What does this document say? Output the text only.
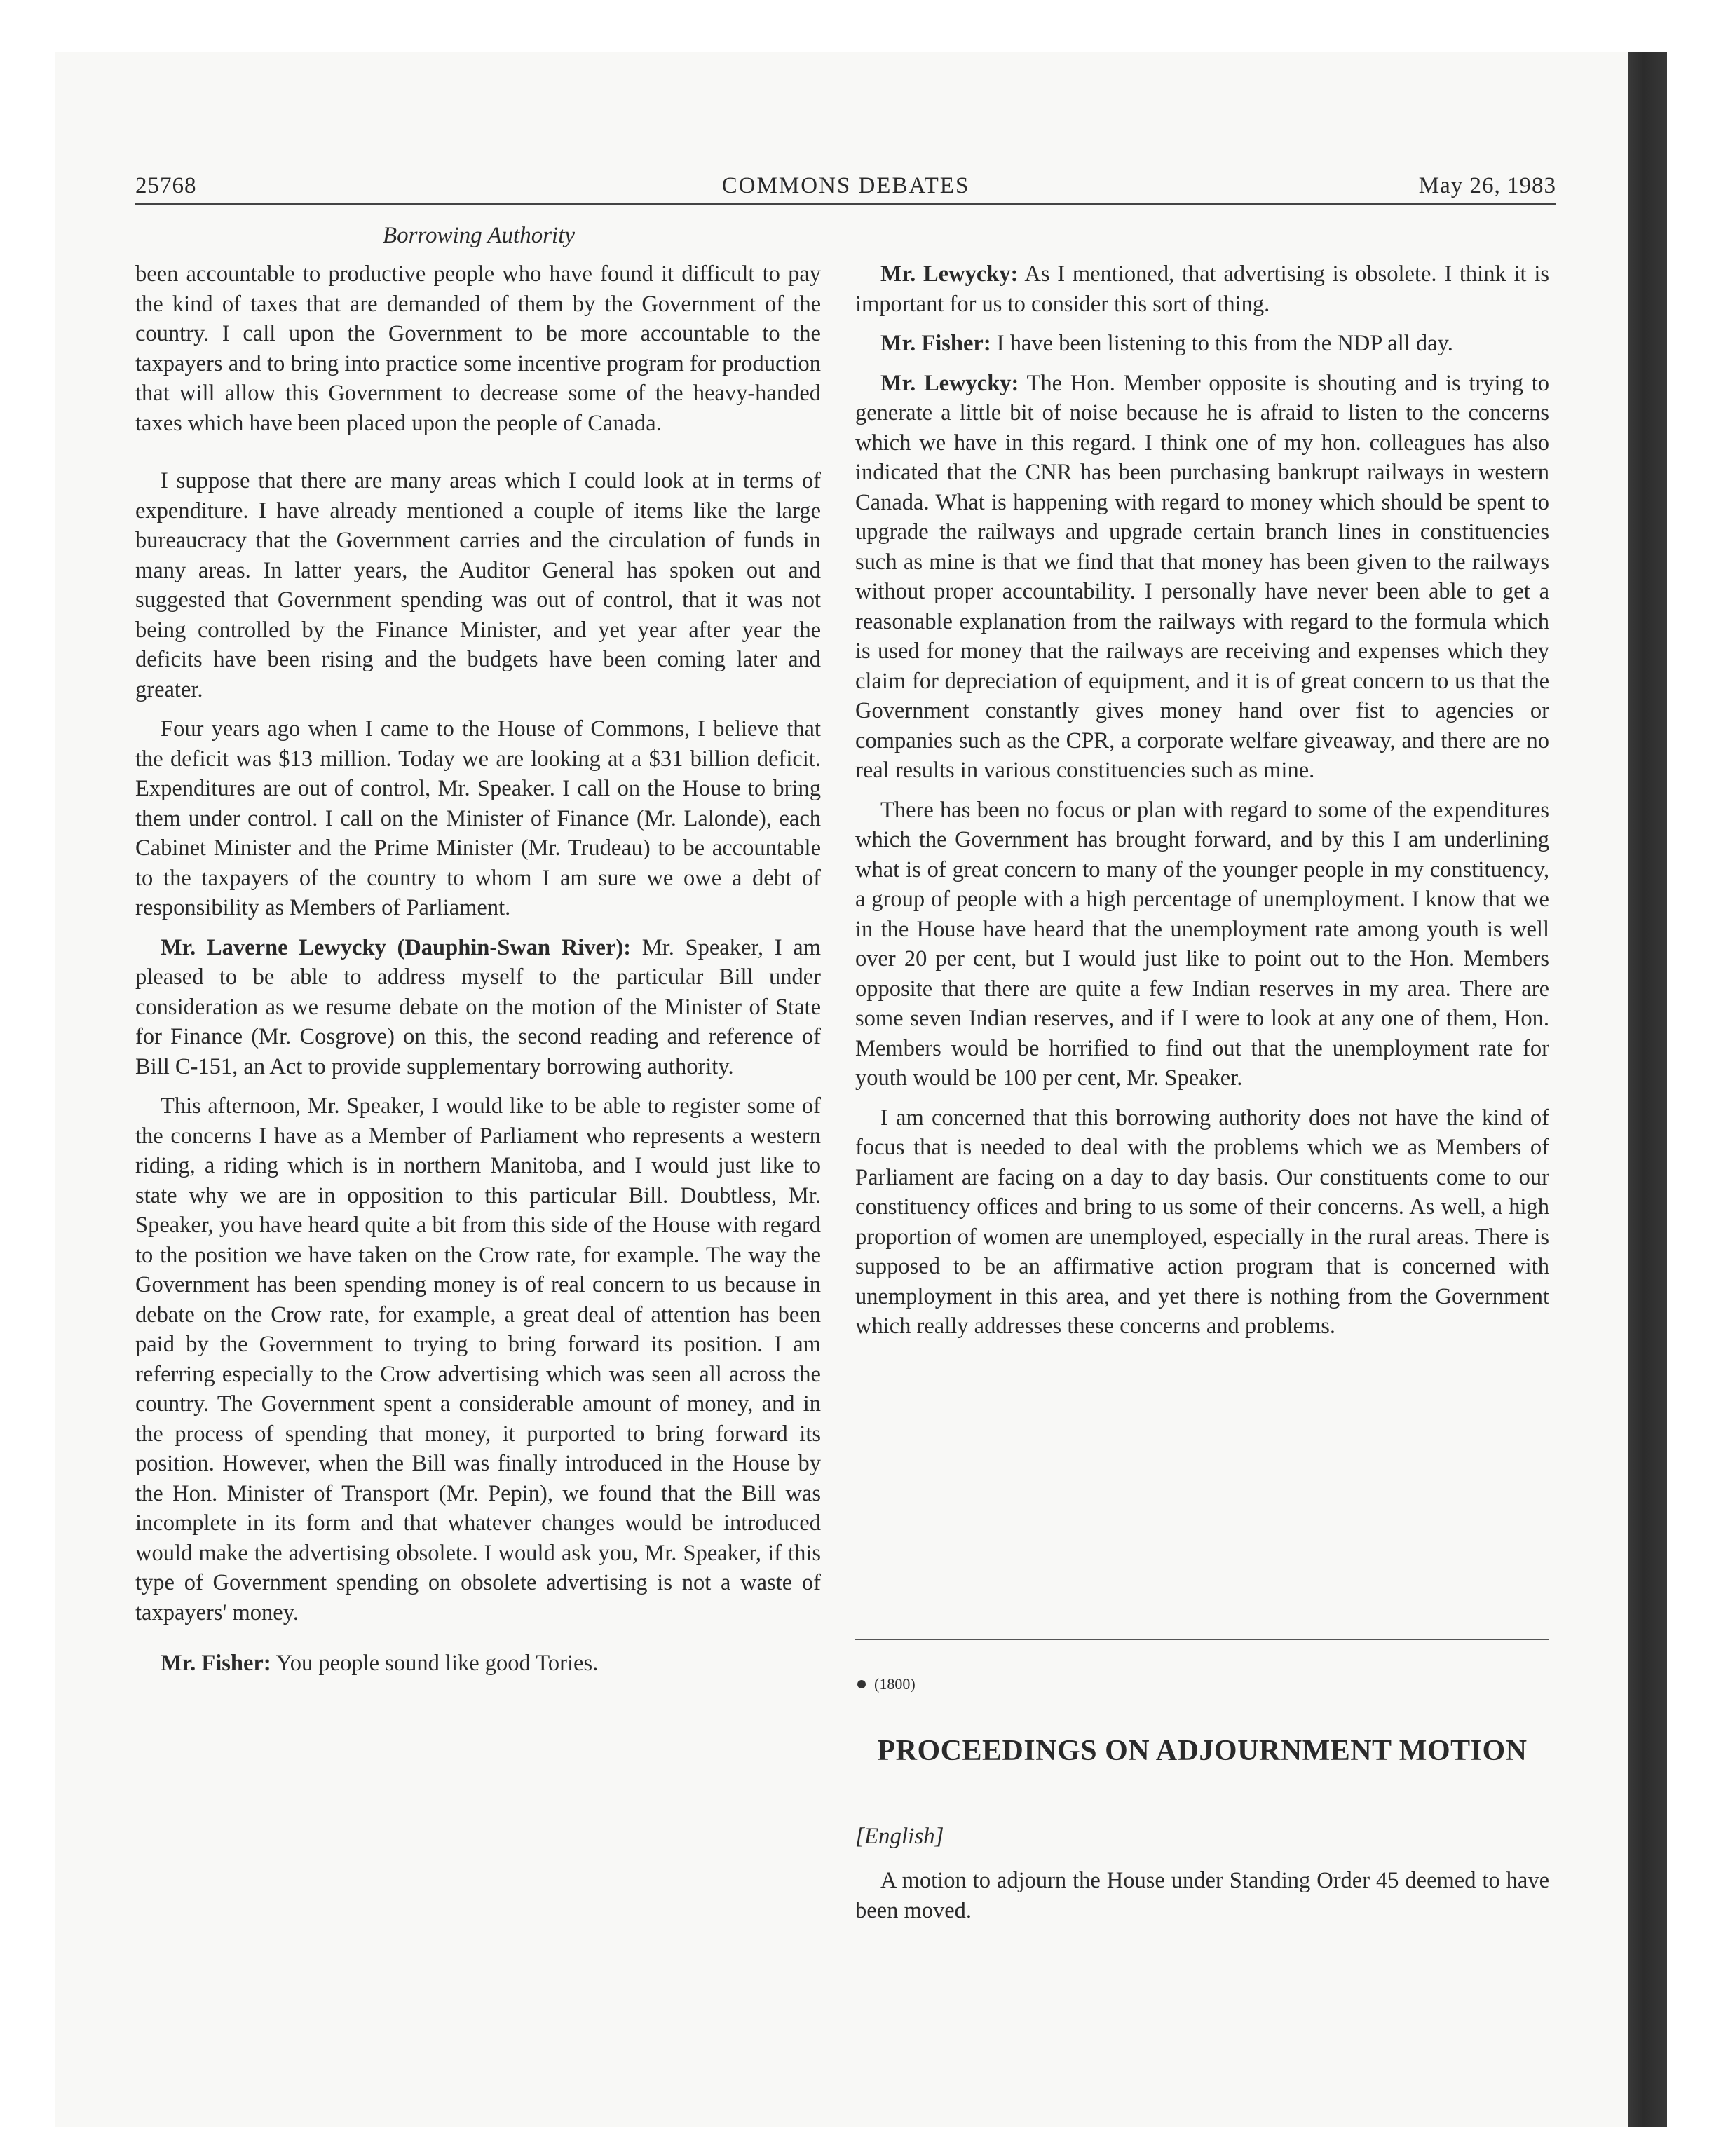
25768	COMMONS DEBATES	May 26, 1983
Borrowing Authority

been accountable to productive people who have found it difficult to pay the kind of taxes that are demanded of them by the Government of the country. I call upon the Government to be more accountable to the taxpayers and to bring into practice some incentive program for production that will allow this Government to decrease some of the heavy-handed taxes which have been placed upon the people of Canada.

I suppose that there are many areas which I could look at in terms of expenditure. I have already mentioned a couple of items like the large bureaucracy that the Government carries and the circulation of funds in many areas. In latter years, the Auditor General has spoken out and suggested that Government spending was out of control, that it was not being controlled by the Finance Minister, and yet year after year the deficits have been rising and the budgets have been coming later and greater.

Four years ago when I came to the House of Commons, I believe that the deficit was $13 million. Today we are looking at a $31 billion deficit. Expenditures are out of control, Mr. Speaker. I call on the House to bring them under control. I call on the Minister of Finance (Mr. Lalonde), each Cabinet Minister and the Prime Minister (Mr. Trudeau) to be accountable to the taxpayers of the country to whom I am sure we owe a debt of responsibility as Members of Parliament.

Mr. Laverne Lewycky (Dauphin-Swan River): Mr. Speaker, I am pleased to be able to address myself to the particular Bill under consideration as we resume debate on the motion of the Minister of State for Finance (Mr. Cosgrove) on this, the second reading and reference of Bill C-151, an Act to provide supplementary borrowing authority.

This afternoon, Mr. Speaker, I would like to be able to register some of the concerns I have as a Member of Parliament who represents a western riding, a riding which is in northern Manitoba, and I would just like to state why we are in opposition to this particular Bill. Doubtless, Mr. Speaker, you have heard quite a bit from this side of the House with regard to the position we have taken on the Crow rate, for example. The way the Government has been spending money is of real concern to us because in debate on the Crow rate, for example, a great deal of attention has been paid by the Government to trying to bring forward its position. I am referring especially to the Crow advertising which was seen all across the country. The Government spent a considerable amount of money, and in the process of spending that money, it purported to bring forward its position. However, when the Bill was finally introduced in the House by the Hon. Minister of Transport (Mr. Pepin), we found that the Bill was incomplete in its form and that whatever changes would be introduced would make the advertising obsolete. I would ask you, Mr. Speaker, if this type of Government spending on obsolete advertising is not a waste of taxpayers' money.

Mr. Fisher: You people sound like good Tories.

Mr. Lewycky: As I mentioned, that advertising is obsolete. I think it is important for us to consider this sort of thing.

Mr. Fisher: I have been listening to this from the NDP all day.

Mr. Lewycky: The Hon. Member opposite is shouting and is trying to generate a little bit of noise because he is afraid to listen to the concerns which we have in this regard. I think one of my hon. colleagues has also indicated that the CNR has been purchasing bankrupt railways in western Canada. What is happening with regard to money which should be spent to upgrade the railways and upgrade certain branch lines in constituencies such as mine is that we find that that money has been given to the railways without proper accountability. I personally have never been able to get a reasonable explanation from the railways with regard to the formula which is used for money that the railways are receiving and expenses which they claim for depreciation of equipment, and it is of great concern to us that the Government constantly gives money hand over fist to agencies or companies such as the CPR, a corporate welfare giveaway, and there are no real results in various constituencies such as mine.

There has been no focus or plan with regard to some of the expenditures which the Government has brought forward, and by this I am underlining what is of great concern to many of the younger people in my constituency, a group of people with a high percentage of unemployment. I know that we in the House have heard that the unemployment rate among youth is well over 20 per cent, but I would just like to point out to the Hon. Members opposite that there are quite a few Indian reserves in my area. There are some seven Indian reserves, and if I were to look at any one of them, Hon. Members would be horrified to find out that the unemployment rate for youth would be 100 per cent, Mr. Speaker.

I am concerned that this borrowing authority does not have the kind of focus that is needed to deal with the problems which we as Members of Parliament are facing on a day to day basis. Our constituents come to our constituency offices and bring to us some of their concerns. As well, a high proportion of women are unemployed, especially in the rural areas. There is supposed to be an affirmative action program that is concerned with unemployment in this area, and yet there is nothing from the Government which really addresses these concerns and problems.

(1800)
PROCEEDINGS ON ADJOURNMENT MOTION
[English]
A motion to adjourn the House under Standing Order 45 deemed to have been moved.
